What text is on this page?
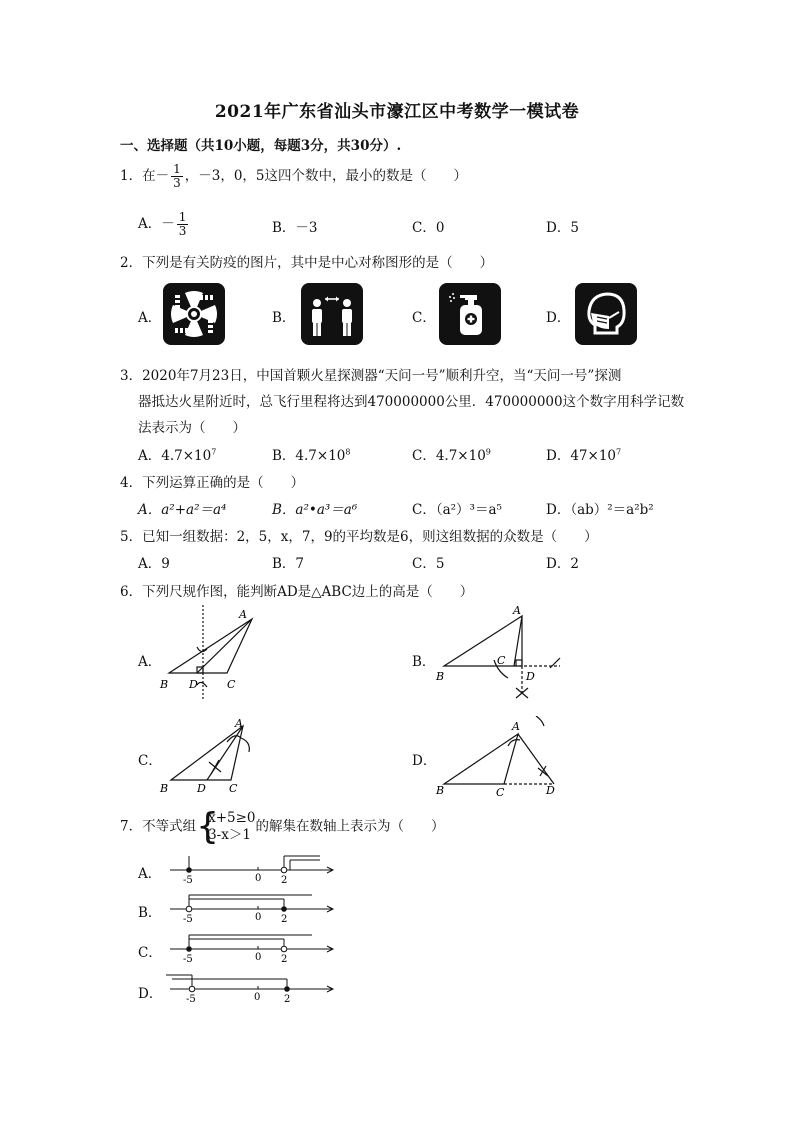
2021年广东省汕头市濠江区中考数学一模试卷
一、选择题（共10小题，每题3分，共30分）.
1．在－ $\frac{1}{3}$ ，－3，0，5这四个数中，最小的数是（　　）
A．－ $\frac{1}{3}$	B．－3	C．0	D．5
2．下列是有关防疫的图片，其中是中心对称图形的是（　　）
A．	B．	C．	D．
3．2020年7月23日，中国首颗火星探测器“天问一号”顺利升空，当“天问一号”探测
器抵达火星附近时，总飞行里程将达到470000000公里．470000000这个数字用科学记数
法表示为（　　）
A．$4.7\times 10^7$	B．$4.7\times 10^8$	C．$4.7\times 10^9$	D．$47\times 10^7$
4．下列运算正确的是（　　）
A．a²+a²＝a⁴	B．a²•a³＝a⁶	C．（a²）³＝a⁵	D．（ab）²＝a²b²
5．已知一组数据：2，5，x，7，9的平均数是6，则这组数据的众数是（　　）
A．9	B．7	C．5	D．2
6．下列尺规作图，能判断AD是△ABC边上的高是（　　）
A．	B．
C．	D．
A
B D	C
A
B
C
D
A
B	D C
A
B	C	D
7．不等式组 {
x+5≥0
3-x＞1
的解集在数轴上表示为（　　）
A．
B．
C．
D．
-5	0 2
-5	0 2
-5	0 2
-5	0 2
